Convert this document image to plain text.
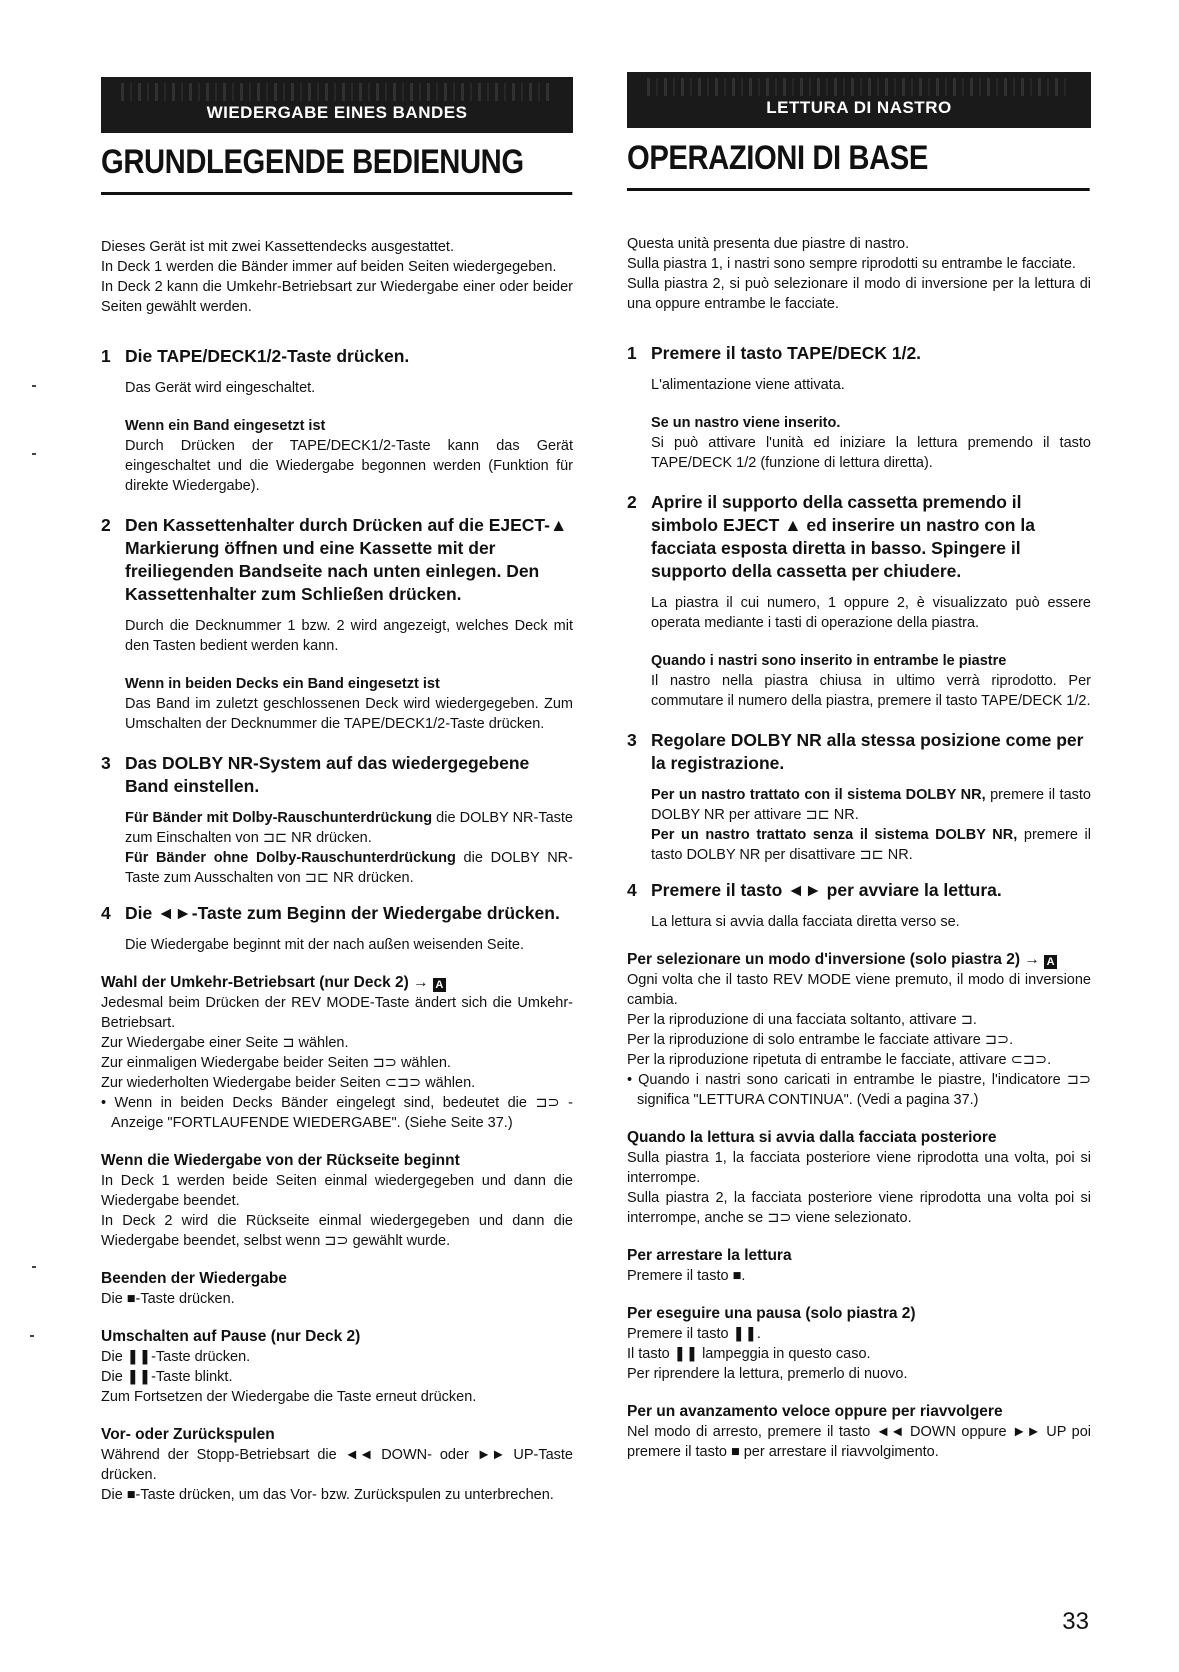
WIEDERGABE EINES BANDES
GRUNDLEGENDE BEDIENUNG

Dieses Gerät ist mit zwei Kassettendecks ausgestattet.

In Deck 1 werden die Bänder immer auf beiden Seiten wiedergegeben.

In Deck 2 kann die Umkehr-Betriebsart zur Wiedergabe einer oder beider Seiten gewählt werden.

1 Die TAPE/DECK1/2-Taste drücken.

Das Gerät wird eingeschaltet.

Wenn ein Band eingesetzt ist

Durch Drücken der TAPE/DECK1/2-Taste kann das Gerät eingeschaltet und die Wiedergabe begonnen werden (Funktion für direkte Wiedergabe).

2 Den Kassettenhalter durch Drücken auf die EJECT-▲ Markierung öffnen und eine Kassette mit der freiliegenden Bandseite nach unten einlegen. Den Kassettenhalter zum Schließen drücken.

Durch die Decknummer 1 bzw. 2 wird angezeigt, welches Deck mit den Tasten bedient werden kann.

Wenn in beiden Decks ein Band eingesetzt ist

Das Band im zuletzt geschlossenen Deck wird wiedergegeben. Zum Umschalten der Decknummer die TAPE/DECK1/2-Taste drücken.

3 Das DOLBY NR-System auf das wiedergegebene Band einstellen.

Für Bänder mit Dolby-Rauschunterdrückung die DOLBY NR-Taste zum Einschalten von ⊐⊏ NR drücken.

Für Bänder ohne Dolby-Rauschunterdrückung die DOLBY NR-Taste zum Ausschalten von ⊐⊏ NR drücken.

4 Die ◄►-Taste zum Beginn der Wiedergabe drücken.

Die Wiedergabe beginnt mit der nach außen weisenden Seite.

Wahl der Umkehr-Betriebsart (nur Deck 2) → A

Jedesmal beim Drücken der REV MODE-Taste ändert sich die Umkehr-Betriebsart.

Zur Wiedergabe einer Seite ⊐ wählen.

Zur einmaligen Wiedergabe beider Seiten ⊐⊃ wählen.

Zur wiederholten Wiedergabe beider Seiten ⊂⊐⊃ wählen.

• Wenn in beiden Decks Bänder eingelegt sind, bedeutet die ⊐⊃ -Anzeige "FORTLAUFENDE WIEDERGABE". (Siehe Seite 37.)

Wenn die Wiedergabe von der Rückseite beginnt

In Deck 1 werden beide Seiten einmal wiedergegeben und dann die Wiedergabe beendet.

In Deck 2 wird die Rückseite einmal wiedergegeben und dann die Wiedergabe beendet, selbst wenn ⊐⊃ gewählt wurde.

Beenden der Wiedergabe

Die ■-Taste drücken.

Umschalten auf Pause (nur Deck 2)

Die ❚❚-Taste drücken.

Die ❚❚-Taste blinkt.

Zum Fortsetzen der Wiedergabe die Taste erneut drücken.

Vor- oder Zurückspulen

Während der Stopp-Betriebsart die ◄◄ DOWN- oder ►► UP-Taste drücken.

Die ■-Taste drücken, um das Vor- bzw. Zurückspulen zu unterbrechen.

LETTURA DI NASTRO
OPERAZIONI DI BASE

Questa unità presenta due piastre di nastro.

Sulla piastra 1, i nastri sono sempre riprodotti su entrambe le facciate.

Sulla piastra 2, si può selezionare il modo di inversione per la lettura di una oppure entrambe le facciate.

1 Premere il tasto TAPE/DECK 1/2.

L'alimentazione viene attivata.

Se un nastro viene inserito.

Si può attivare l'unità ed iniziare la lettura premendo il tasto TAPE/DECK 1/2 (funzione di lettura diretta).

2 Aprire il supporto della cassetta premendo il simbolo EJECT ▲ ed inserire un nastro con la facciata esposta diretta in basso. Spingere il supporto della cassetta per chiudere.

La piastra il cui numero, 1 oppure 2, è visualizzato può essere operata mediante i tasti di operazione della piastra.

Quando i nastri sono inserito in entrambe le piastre

Il nastro nella piastra chiusa in ultimo verrà riprodotto. Per commutare il numero della piastra, premere il tasto TAPE/DECK 1/2.

3 Regolare DOLBY NR alla stessa posizione come per la registrazione.

Per un nastro trattato con il sistema DOLBY NR, premere il tasto DOLBY NR per attivare ⊐⊏ NR.

Per un nastro trattato senza il sistema DOLBY NR, premere il tasto DOLBY NR per disattivare ⊐⊏ NR.

4 Premere il tasto ◄► per avviare la lettura.

La lettura si avvia dalla facciata diretta verso se.

Per selezionare un modo d'inversione (solo piastra 2) → A

Ogni volta che il tasto REV MODE viene premuto, il modo di inversione cambia.

Per la riproduzione di una facciata soltanto, attivare ⊐.

Per la riproduzione di solo entrambe le facciate attivare ⊐⊃.

Per la riproduzione ripetuta di entrambe le facciate, attivare ⊂⊐⊃.

• Quando i nastri sono caricati in entrambe le piastre, l'indicatore ⊐⊃ significa "LETTURA CONTINUA". (Vedi a pagina 37.)

Quando la lettura si avvia dalla facciata posteriore

Sulla piastra 1, la facciata posteriore viene riprodotta una volta, poi si interrompe.

Sulla piastra 2, la facciata posteriore viene riprodotta una volta poi si interrompe, anche se ⊐⊃ viene selezionato.

Per arrestare la lettura

Premere il tasto ■.

Per eseguire una pausa (solo piastra 2)

Premere il tasto ❚❚.

Il tasto ❚❚ lampeggia in questo caso.

Per riprendere la lettura, premerlo di nuovo.

Per un avanzamento veloce oppure per riavvolgere

Nel modo di arresto, premere il tasto ◄◄ DOWN oppure ►► UP poi premere il tasto ■ per arrestare il riavvolgimento.

33
